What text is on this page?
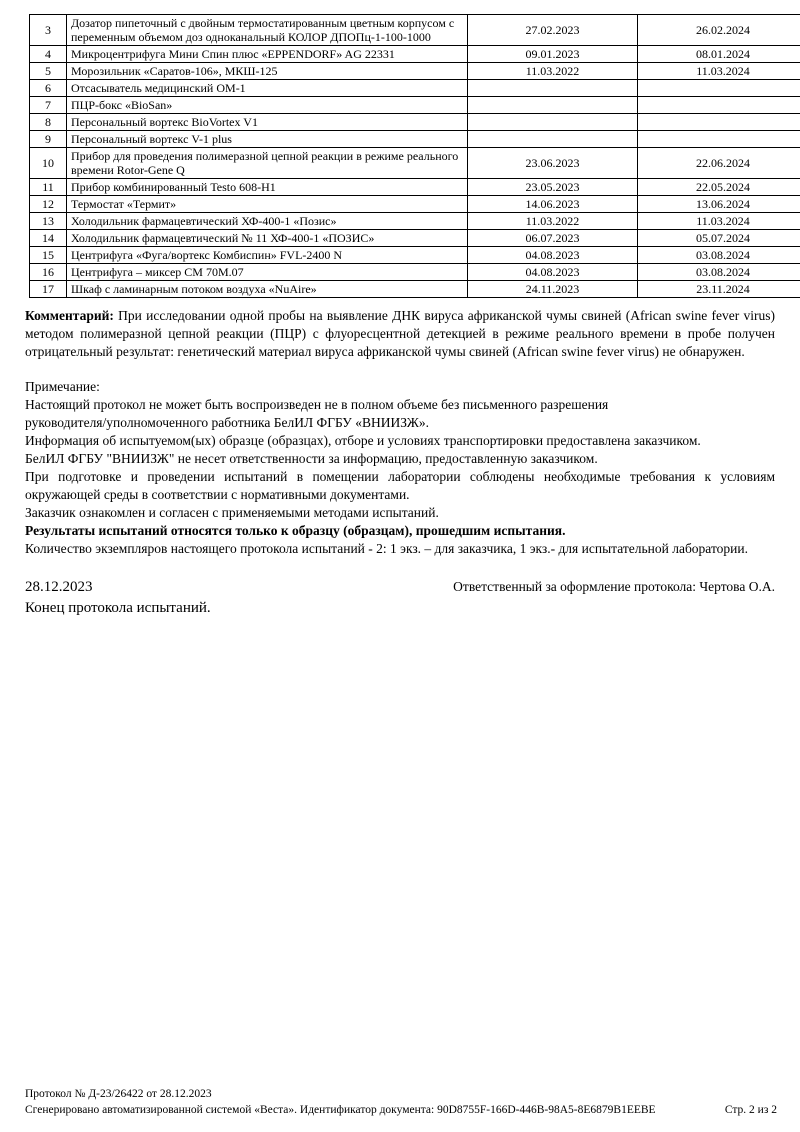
3	Дозатор пипеточный с двойным термостатированным цветным корпусом с переменным объемом доз одноканальный КОЛОР ДПОПц-1-100-1000	27.02.2023	26.02.2024
4	Микроцентрифуга Мини Спин плюс «EPPENDORF» AG 22331	09.01.2023	08.01.2024
5	Морозильник «Саратов-106», МКШ-125	11.03.2022	11.03.2024
6	Отсасыватель медицинский ОМ-1		
7	ПЦР-бокс «BioSan»		
8	Персональный вортекс BioVortex V1		
9	Персональный вортекс V-1 plus		
10	Прибор для проведения полимеразной цепной реакции в режиме реального времени Rotor-Gene Q	23.06.2023	22.06.2024
11	Прибор комбинированный Testo 608-H1	23.05.2023	22.05.2024
12	Термостат «Термит»	14.06.2023	13.06.2024
13	Холодильник фармацевтический ХФ-400-1 «Позис»	11.03.2022	11.03.2024
14	Холодильник фармацевтический № 11 ХФ-400-1 «ПОЗИС»	06.07.2023	05.07.2024
15	Центрифуга «Фуга/вортекс Комбиспин» FVL-2400 N	04.08.2023	03.08.2024
16	Центрифуга – миксер СМ 70М.07	04.08.2023	03.08.2024
17	Шкаф с ламинарным потоком воздуха «NuAire»	24.11.2023	23.11.2024

Комментарий: При исследовании одной пробы на выявление ДНК вируса африканской чумы свиней (African swine fever virus) методом полимеразной цепной реакции (ПЦР) с флуоресцентной детекцией в режиме реального времени в пробе получен отрицательный результат: генетический материал вируса африканской чумы свиней (African swine fever virus) не обнаружен.

Примечание:
Настоящий протокол не может быть воспроизведен не в полном объеме без письменного разрешения
руководителя/уполномоченного работника БелИЛ ФГБУ «ВНИИЗЖ».
Информация об испытуемом(ых) образце (образцах), отборе и условиях транспортировки предоставлена заказчиком.
БелИЛ ФГБУ "ВНИИЗЖ" не несет ответственности за информацию, предоставленную заказчиком.
При подготовке и проведении испытаний в помещении лаборатории соблюдены необходимые требования к условиям окружающей среды в соответствии с нормативными документами.
Заказчик ознакомлен и согласен с применяемыми методами испытаний.
Результаты испытаний относятся только к образцу (образцам), прошедшим испытания.
Количество экземпляров настоящего протокола испытаний - 2: 1 экз. – для заказчика, 1 экз.- для испытательной лаборатории.
28.12.2023	Ответственный за оформление протокола: Чертова О.А.
Конец протокола испытаний.
Протокол № Д-23/26422 от 28.12.2023
Сгенерировано автоматизированной системой «Веста». Идентификатор документа: 90D8755F-166D-446B-98A5-8E6879B1EEBE	Стр. 2 из 2
